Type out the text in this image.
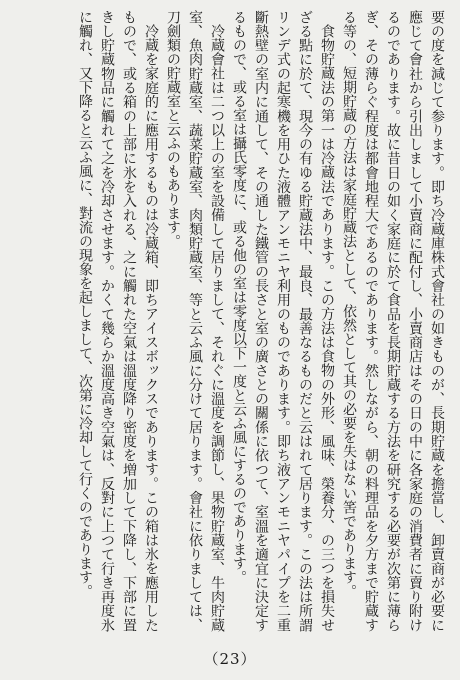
要の度を減じて参ります。即ち冷蔵庫株式會社の如きものが、長期貯蔵を擔當し、卸賣商が必要に應じて會社から引出しまして小賣商に配付し、小賣商店はその日の中に各家庭の消費者に賣り附けるのであります。故に昔日の如く家庭に於て食品を長期貯蔵する方法を研究する必要が次第に薄らぎ、その薄らぐ程度は都會地程大であるのであります。然しながら、朝の料理品を夕方まで貯蔵する等の、短期貯蔵の方法は家庭貯蔵法として、依然として其の必要を失はない筈であります。

食物貯蔵法の第一は冷蔵法であります。この方法は食物の外形、風味、榮養分、の三つを損失せざる點に於て、現今の有ゆる貯蔵法中、最良、最善なるものだと云はれて居ります。この法は所謂リンデ式の起寒機を用ひた液體アンモニヤ利用のものであります。即ち液アンモニヤパイプを二重斷熱壁の室内に通して、その通した鐵管の長さと室の廣さとの關係に依つて、室溫を適宜に決定するもので、或る室は攝氏零度に、或る他の室は零度以下一度と云ふ風にするのであります。

冷蔵會社は二つ以上の室を設備して居りまして、それぐに溫度を調節し、果物貯蔵室、牛肉貯蔵室、魚肉貯蔵室、蔬菜貯蔵室、肉類貯蔵室、等と云ふ風に分けて居ります。會社に依りましては、刀劍類の貯蔵室と云ふのもあります。

冷蔵を家庭的に應用するものは冷蔵箱、即ちアイスボックスであります。この箱は氷を應用したもので、或る箱の上部に氷を入れる、之に觸れた空氣は溫度降り密度を増加して下降し、下部に置きし貯蔵物品に觸れて之を冷却させます。かくて幾らか溫度高き空氣は、反對に上つて行き再度氷に觸れ、又下降ると云ふ風に、對流の現象を起しまして、次第に冷却して行くのであります。

（23）
